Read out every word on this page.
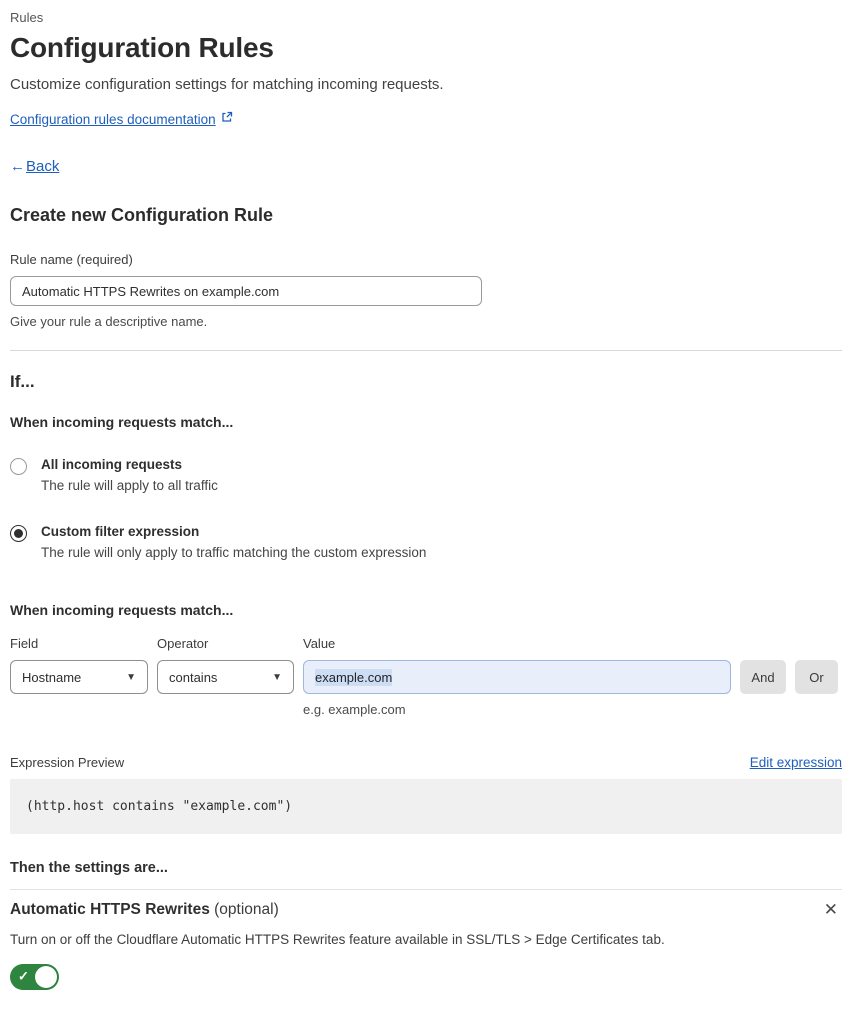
Rules
Configuration Rules

Customize configuration settings for matching incoming requests.

Configuration rules documentation
← Back
Create new Configuration Rule
Rule name (required)
Automatic HTTPS Rewrites on example.com
Give your rule a descriptive name.
If...
When incoming requests match...
All incoming requests
The rule will apply to all traffic
Custom filter expression
The rule will only apply to traffic matching the custom expression
When incoming requests match...
Field	Operator	Value
Hostname	▼	contains	▼	example.com	And	Or
e.g. example.com
Expression Preview	Edit expression
(http.host contains "example.com")
Then the settings are...
Automatic HTTPS Rewrites (optional)	✕
Turn on or off the Cloudflare Automatic HTTPS Rewrites feature available in SSL/TLS > Edge Certificates tab.
✓
